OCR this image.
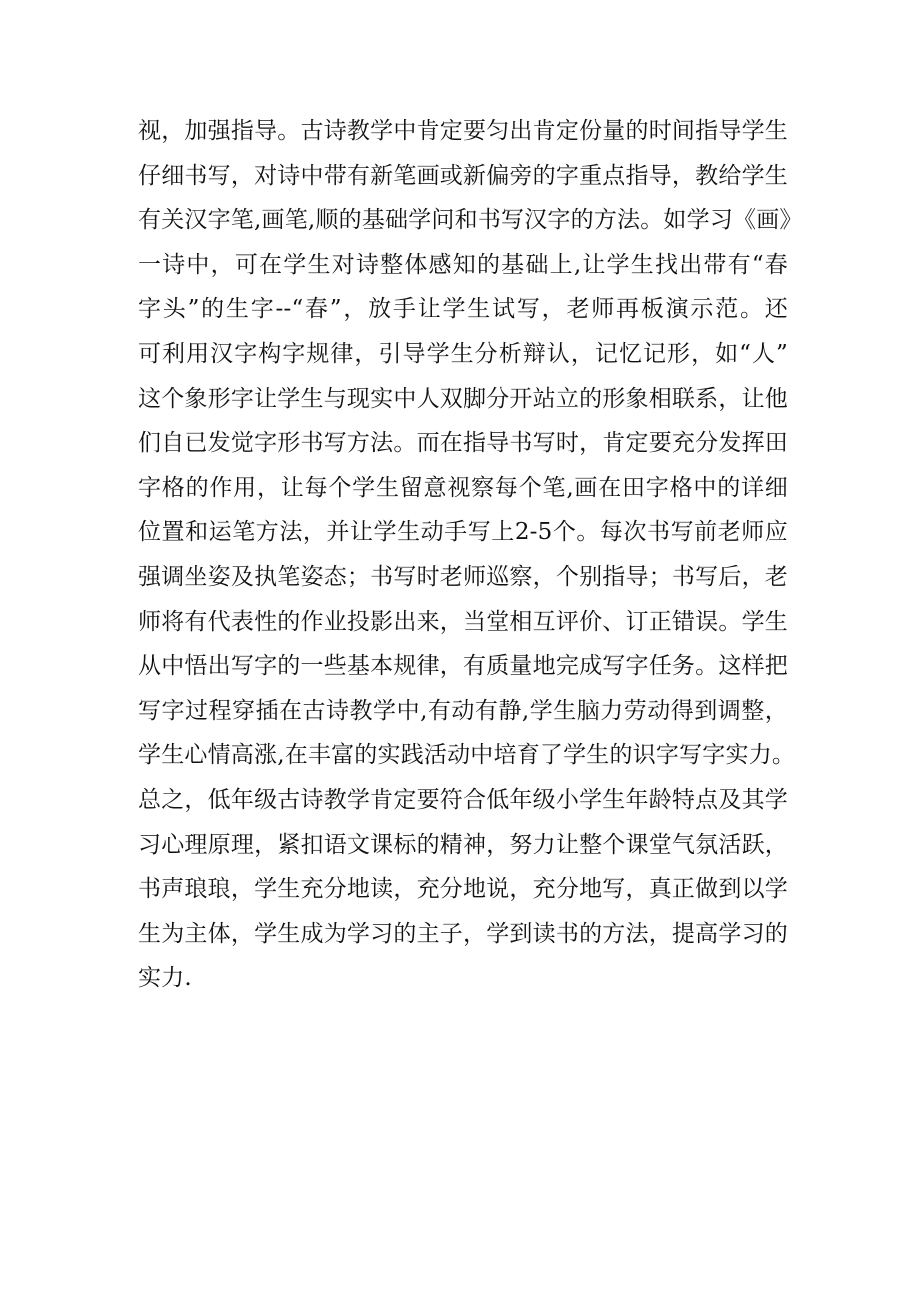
视，加强指导。古诗教学中肯定要匀出肯定份量的时间指导学生
仔细书写，对诗中带有新笔画或新偏旁的字重点指导，教给学生
有关汉字笔,画笔,顺的基础学问和书写汉字的方法。如学习《画》
一诗中，可在学生对诗整体感知的基础上,让学生找出带有“春
字头”的生字--“春”，放手让学生试写，老师再板演示范。还
可利用汉字构字规律，引导学生分析辩认，记忆记形，如“人”
这个象形字让学生与现实中人双脚分开站立的形象相联系，让他
们自已发觉字形书写方法。而在指导书写时，肯定要充分发挥田
字格的作用，让每个学生留意视察每个笔,画在田字格中的详细
位置和运笔方法，并让学生动手写上2-5个。每次书写前老师应
强调坐姿及执笔姿态；书写时老师巡察，个别指导；书写后，老
师将有代表性的作业投影出来，当堂相互评价、订正错误。学生
从中悟出写字的一些基本规律，有质量地完成写字任务。这样把
写字过程穿插在古诗教学中,有动有静,学生脑力劳动得到调整，
学生心情高涨,在丰富的实践活动中培育了学生的识字写字实力。
总之，低年级古诗教学肯定要符合低年级小学生年龄特点及其学
习心理原理，紧扣语文课标的精神，努力让整个课堂气氛活跃，
书声琅琅，学生充分地读，充分地说，充分地写，真正做到以学
生为主体，学生成为学习的主子，学到读书的方法，提高学习的
实力.
